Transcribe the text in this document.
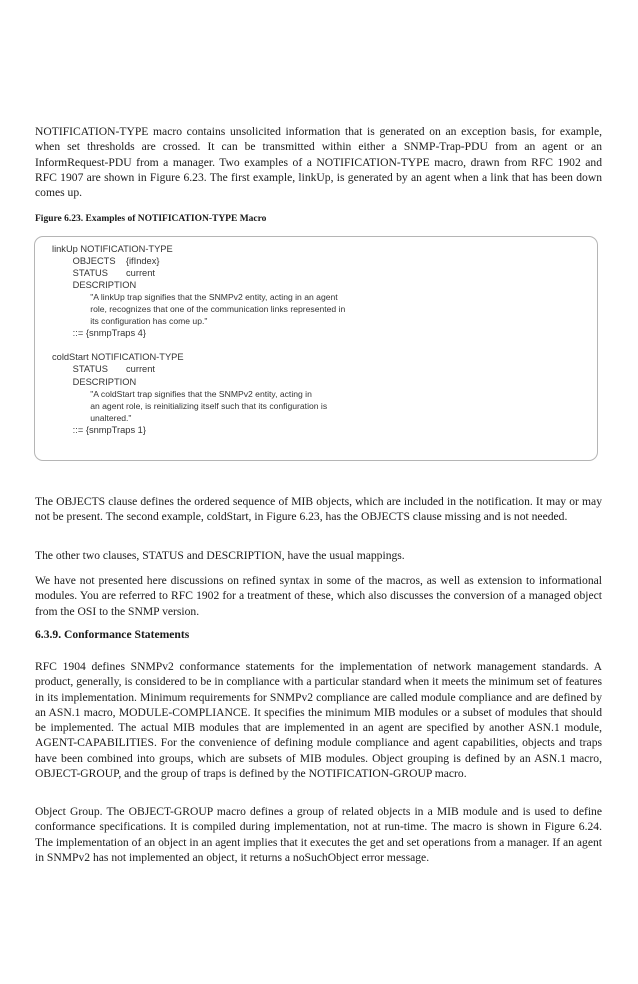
NOTIFICATION-TYPE macro contains unsolicited information that is generated on an exception basis, for example, when set thresholds are crossed. It can be transmitted within either a SNMP-Trap-PDU from an agent or an InformRequest-PDU from a manager. Two examples of a NOTIFICATION-TYPE macro, drawn from RFC 1902 and RFC 1907 are shown in Figure 6.23. The first example, linkUp, is generated by an agent when a link that has been down comes up.

Figure 6.23. Examples of NOTIFICATION-TYPE Macro
linkUp NOTIFICATION-TYPE
OBJECTS    {ifIndex}
STATUS       current
DESCRIPTION
"A linkUp trap signifies that the SNMPv2 entity, acting in an agent
role, recognizes that one of the communication links represented in
its configuration has come up."
::= {snmpTraps 4}
coldStart NOTIFICATION-TYPE
STATUS       current
DESCRIPTION
"A coldStart trap signifies that the SNMPv2 entity, acting in
an agent role, is reinitializing itself such that its configuration is
unaltered."
::= {snmpTraps 1}

The OBJECTS clause defines the ordered sequence of MIB objects, which are included in the notification. It may or may not be present. The second example, coldStart, in Figure 6.23, has the OBJECTS clause missing and is not needed.

The other two clauses, STATUS and DESCRIPTION, have the usual mappings.

We have not presented here discussions on refined syntax in some of the macros, as well as extension to informational modules. You are referred to RFC 1902 for a treatment of these, which also discusses the conversion of a managed object from the OSI to the SNMP version.

6.3.9. Conformance Statements

RFC 1904 defines SNMPv2 conformance statements for the implementation of network management standards. A product, generally, is considered to be in compliance with a particular standard when it meets the minimum set of features in its implementation. Minimum requirements for SNMPv2 compliance are called module compliance and are defined by an ASN.1 macro, MODULE-COMPLIANCE. It specifies the minimum MIB modules or a subset of modules that should be implemented. The actual MIB modules that are implemented in an agent are specified by another ASN.1 module, AGENT-CAPABILITIES. For the convenience of defining module compliance and agent capabilities, objects and traps have been combined into groups, which are subsets of MIB modules. Object grouping is defined by an ASN.1 macro, OBJECT-GROUP, and the group of traps is defined by the NOTIFICATION-GROUP macro.

Object Group. The OBJECT-GROUP macro defines a group of related objects in a MIB module and is used to define conformance specifications. It is compiled during implementation, not at run-time. The macro is shown in Figure 6.24. The implementation of an object in an agent implies that it executes the get and set operations from a manager. If an agent in SNMPv2 has not implemented an object, it returns a noSuchObject error message.
